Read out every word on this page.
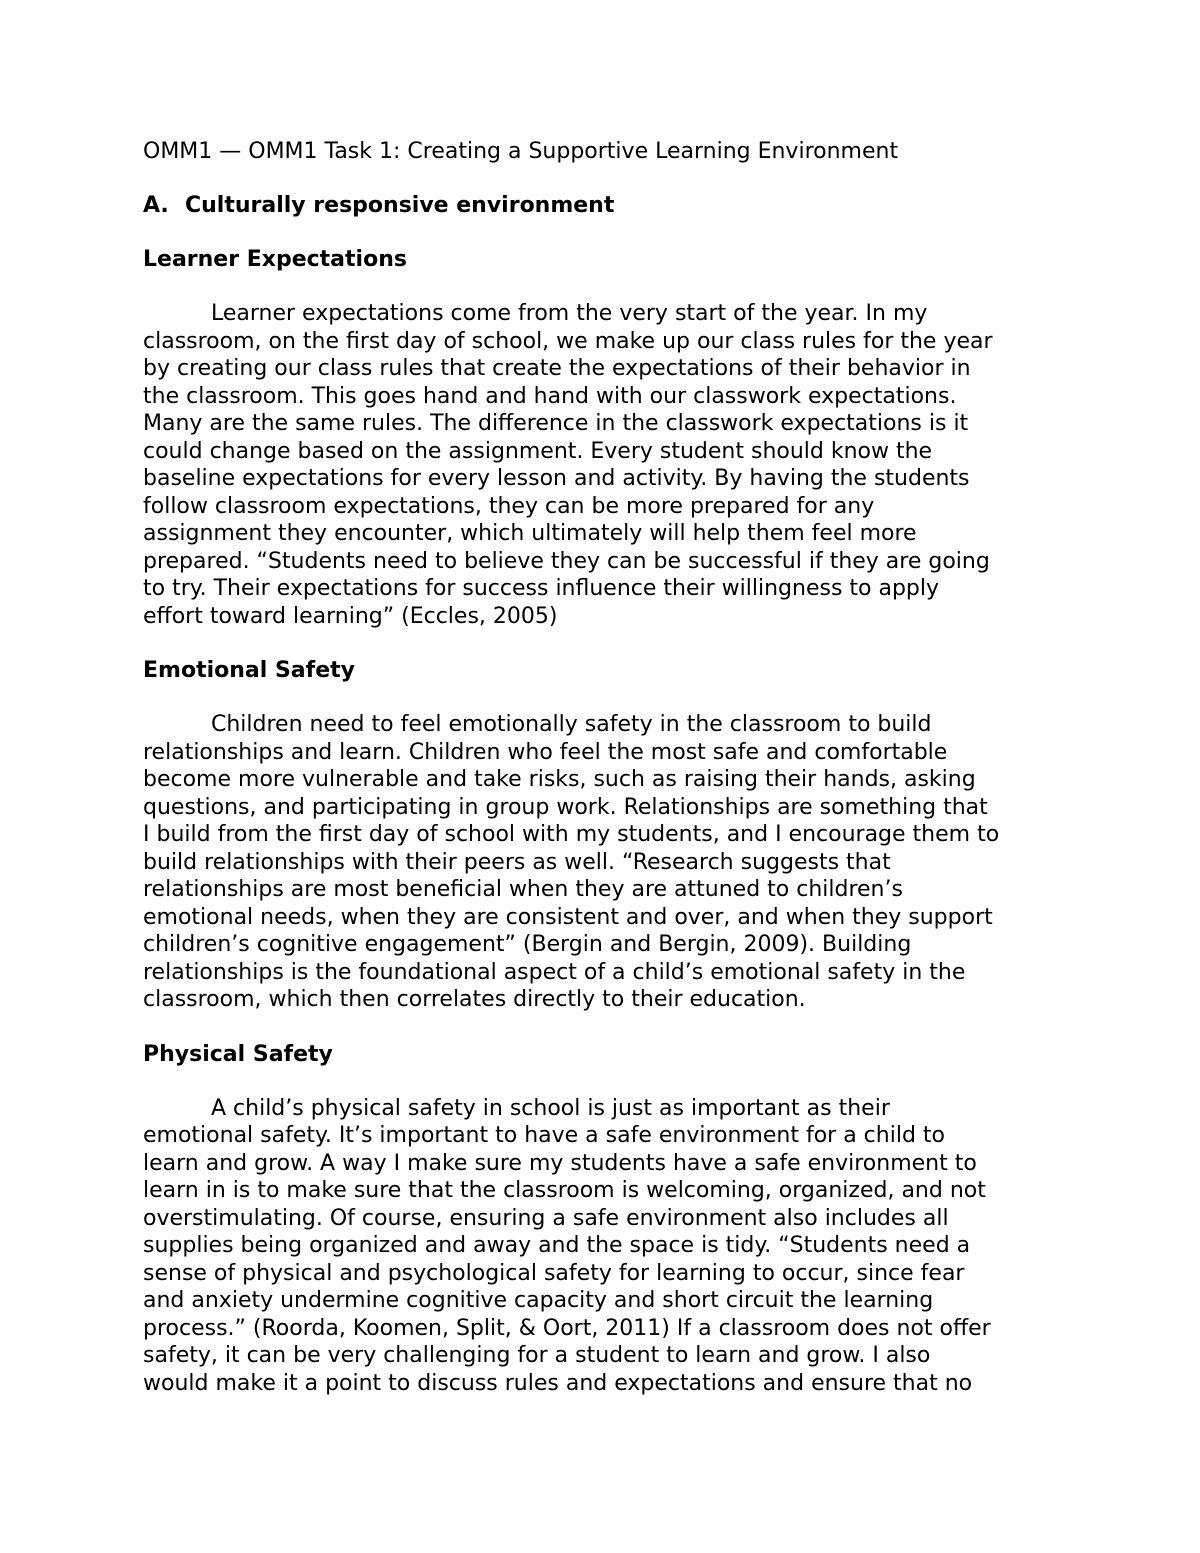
OMM1 — OMM1 Task 1: Creating a Supportive Learning Environment
A. Culturally responsive environment
Learner Expectations
Learner expectations come from the very start of the year. In my
classroom, on the first day of school, we make up our class rules for the year
by creating our class rules that create the expectations of their behavior in
the classroom. This goes hand and hand with our classwork expectations.
Many are the same rules. The difference in the classwork expectations is it
could change based on the assignment. Every student should know the
baseline expectations for every lesson and activity. By having the students
follow classroom expectations, they can be more prepared for any
assignment they encounter, which ultimately will help them feel more
prepared. “Students need to believe they can be successful if they are going
to try. Their expectations for success influence their willingness to apply
effort toward learning” (Eccles, 2005)
Emotional Safety
Children need to feel emotionally safety in the classroom to build
relationships and learn. Children who feel the most safe and comfortable
become more vulnerable and take risks, such as raising their hands, asking
questions, and participating in group work. Relationships are something that
I build from the first day of school with my students, and I encourage them to
build relationships with their peers as well. “Research suggests that
relationships are most beneficial when they are attuned to children’s
emotional needs, when they are consistent and over, and when they support
children’s cognitive engagement” (Bergin and Bergin, 2009). Building
relationships is the foundational aspect of a child’s emotional safety in the
classroom, which then correlates directly to their education.
Physical Safety
A child’s physical safety in school is just as important as their
emotional safety. It’s important to have a safe environment for a child to
learn and grow. A way I make sure my students have a safe environment to
learn in is to make sure that the classroom is welcoming, organized, and not
overstimulating. Of course, ensuring a safe environment also includes all
supplies being organized and away and the space is tidy. “Students need a
sense of physical and psychological safety for learning to occur, since fear
and anxiety undermine cognitive capacity and short circuit the learning
process.” (Roorda, Koomen, Split, & Oort, 2011) If a classroom does not offer
safety, it can be very challenging for a student to learn and grow. I also
would make it a point to discuss rules and expectations and ensure that no
